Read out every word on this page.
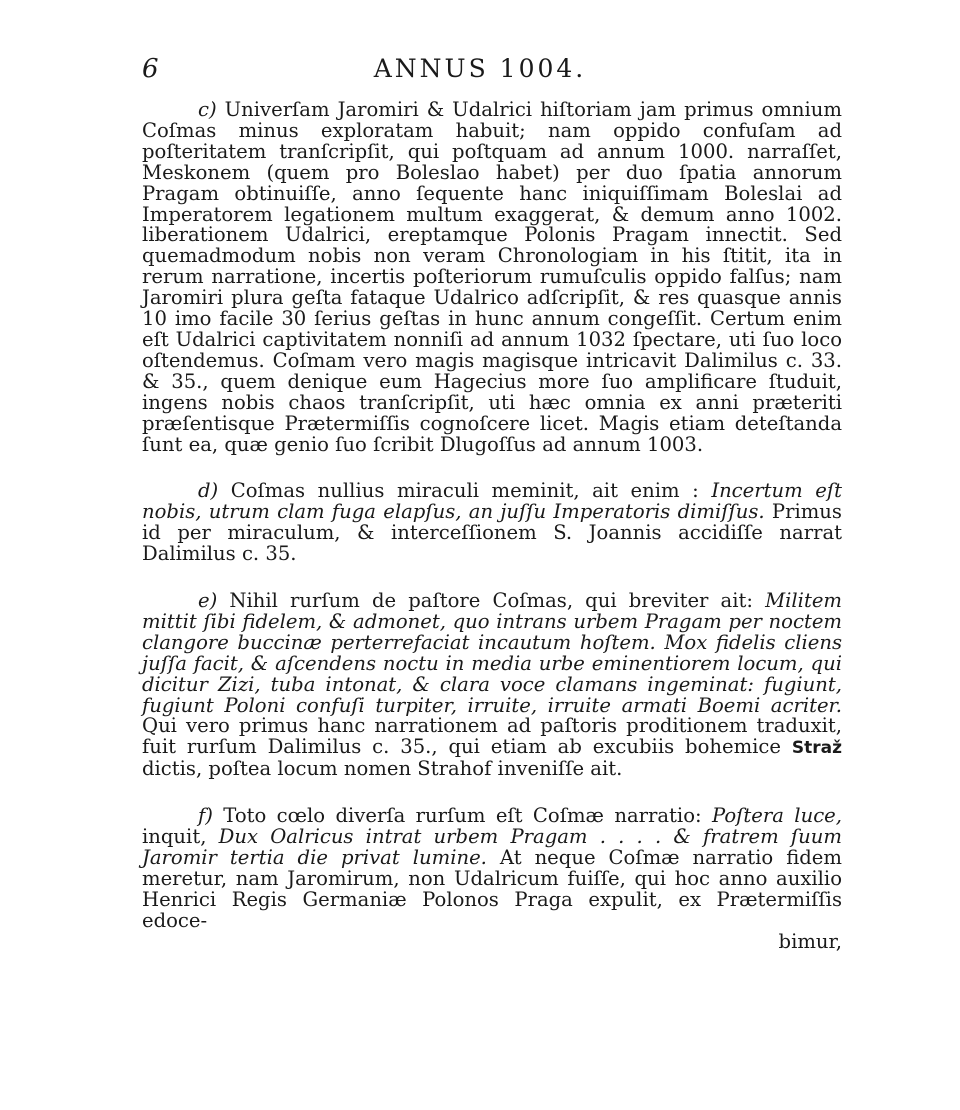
6	ANNUS 1004.

c) Univerſam Jaromiri & Udalrici hiſtoriam jam primus omnium Coſmas minus exploratam habuit; nam oppido confuſam ad poſteritatem tranſcripſit, qui poſtquam ad annum 1000. narraſſet, Meskonem (quem pro Boleslao habet) per duo ſpatia annorum Pragam obtinuiſſe, anno ſequente hanc iniquiſſimam Boleslai ad Imperatorem legationem multum exaggerat, & demum anno 1002. liberationem Udalrici, ereptamque Polonis Pragam innectit. Sed quemadmodum nobis non veram Chronologiam in his ſtitit, ita in rerum narratione, incertis poſteriorum rumuſculis oppido falſus; nam Jaromiri plura geſta fataque Udalrico adſcripſit, & res quasque annis 10 imo facile 30 ſerius geſtas in hunc annum congeſſit. Certum enim eſt Udalrici captivitatem nonniſi ad annum 1032 ſpectare, uti ſuo loco oſtendemus. Coſmam vero magis magisque intricavit Dalimilus c. 33. & 35., quem denique eum Hagecius more ſuo amplificare ſtuduit, ingens nobis chaos tranſcripſit, uti hæc omnia ex anni præteriti præſentisque Prætermiſſis cognoſcere licet. Magis etiam deteſtanda ſunt ea, quæ genio ſuo ſcribit Dlugoſſus ad annum 1003.

d) Coſmas nullius miraculi meminit, ait enim : Incertum eſt nobis, utrum clam fuga elapſus, an juſſu Imperatoris dimiſſus. Primus id per miraculum, & interceſſionem S. Joannis accidiſſe narrat Dalimilus c. 35.

e) Nihil rurſum de paſtore Coſmas, qui breviter ait: Militem mittit ſibi fidelem, & admonet, quo intrans urbem Pragam per noctem clangore buccinæ perterrefaciat incautum hoſtem. Mox fidelis cliens juſſa facit, & aſcendens noctu in media urbe eminentiorem locum, qui dicitur Zizi, tuba intonat, & clara voce clamans ingeminat: fugiunt, fugiunt Poloni confuſi turpiter, irruite, irruite armati Boemi acriter. Qui vero primus hanc narrationem ad paſtoris proditionem traduxit, fuit rurſum Dalimilus c. 35., qui etiam ab excubiis bohemice Straž dictis, poſtea locum nomen Strahof inveniſſe ait.

f) Toto cœlo diverſa rurſum eſt Coſmæ narratio: Poſtera luce, inquit, Dux Oalricus intrat urbem Pragam . . . . & fratrem ſuum Jaromir tertia die privat lumine. At neque Coſmæ narratio fidem meretur, nam Jaromirum, non Udalricum fuiſſe, qui hoc anno auxilio Henrici Regis Germaniæ Polonos Praga expulit, ex Prætermiſſis edoce-
bimur,
